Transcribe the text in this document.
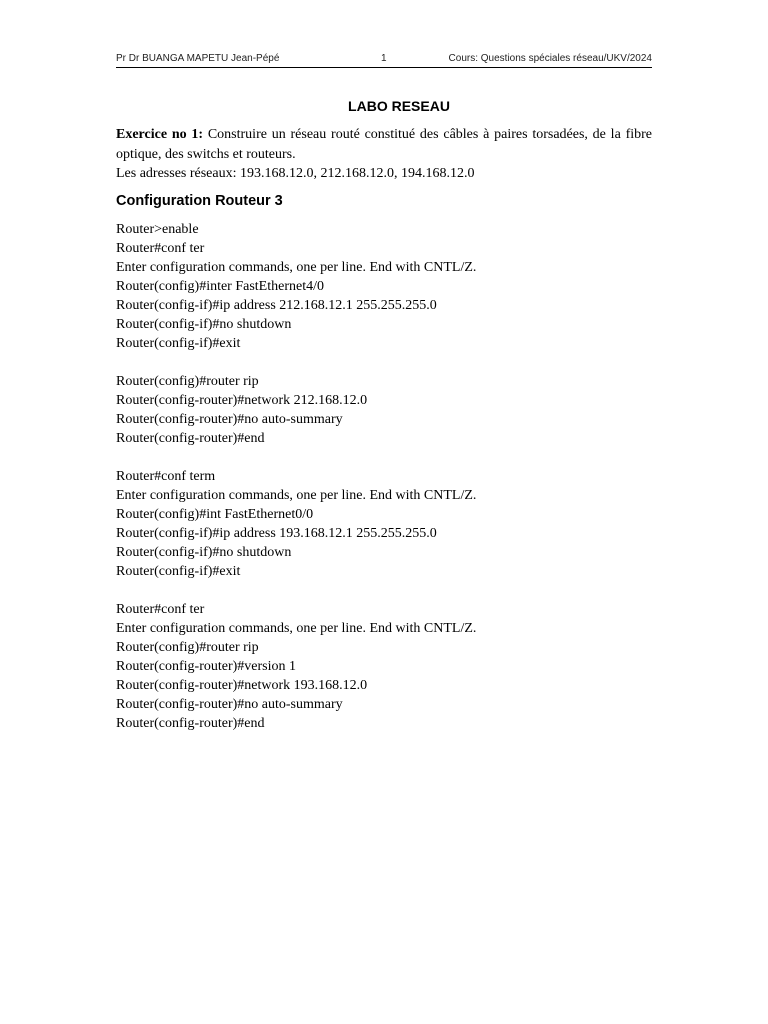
Pr Dr BUANGA MAPETU Jean-Pépé	1	Cours: Questions spéciales réseau/UKV/2024
LABO RESEAU
Exercice no 1: Construire un réseau routé constitué des câbles à paires torsadées, de la fibre optique, des switchs et routeurs.
Les adresses réseaux: 193.168.12.0, 212.168.12.0, 194.168.12.0
Configuration Routeur 3
Router>enable
Router#conf ter
Enter configuration commands, one per line. End with CNTL/Z.
Router(config)#inter FastEthernet4/0
Router(config-if)#ip address 212.168.12.1 255.255.255.0
Router(config-if)#no shutdown
Router(config-if)#exit
Router(config)#router rip
Router(config-router)#network 212.168.12.0
Router(config-router)#no auto-summary
Router(config-router)#end
Router#conf term
Enter configuration commands, one per line. End with CNTL/Z.
Router(config)#int FastEthernet0/0
Router(config-if)#ip address 193.168.12.1 255.255.255.0
Router(config-if)#no shutdown
Router(config-if)#exit
Router#conf ter
Enter configuration commands, one per line. End with CNTL/Z.
Router(config)#router rip
Router(config-router)#version 1
Router(config-router)#network 193.168.12.0
Router(config-router)#no auto-summary
Router(config-router)#end
